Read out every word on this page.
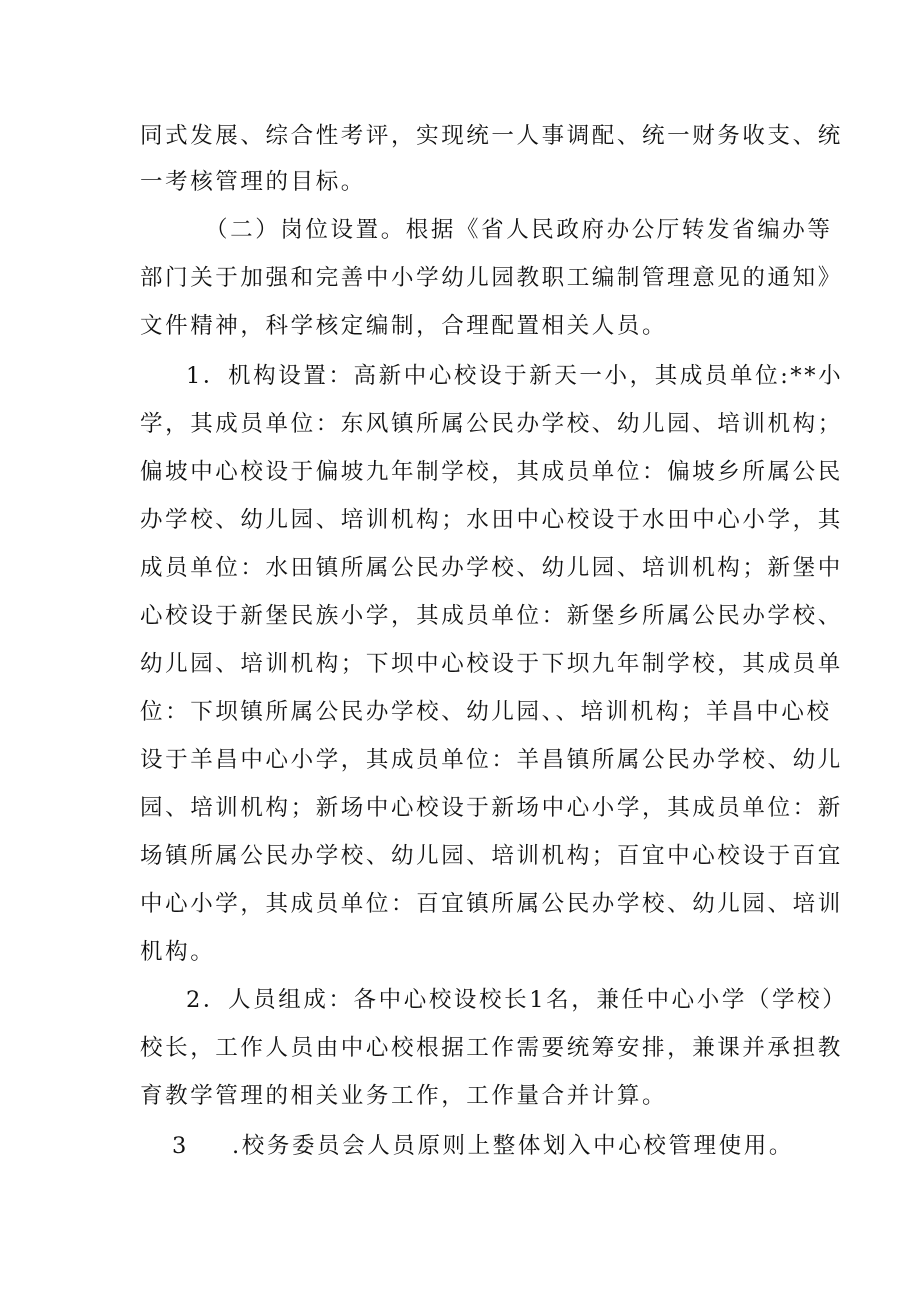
同式发展、综合性考评，实现统一人事调配、统一财务收支、统
一考核管理的目标。
（二）岗位设置。根据《省人民政府办公厅转发省编办等
部门关于加强和完善中小学幼儿园教职工编制管理意见的通知》
文件精神，科学核定编制，合理配置相关人员。
1．机构设置：高新中心校设于新天一小，其成员单位:**小
学，其成员单位：东风镇所属公民办学校、幼儿园、培训机构；
偏坡中心校设于偏坡九年制学校，其成员单位：偏坡乡所属公民
办学校、幼儿园、培训机构；水田中心校设于水田中心小学，其
成员单位：水田镇所属公民办学校、幼儿园、培训机构；新堡中
心校设于新堡民族小学，其成员单位：新堡乡所属公民办学校、
幼儿园、培训机构；下坝中心校设于下坝九年制学校，其成员单
位：下坝镇所属公民办学校、幼儿园、、培训机构；羊昌中心校
设于羊昌中心小学，其成员单位：羊昌镇所属公民办学校、幼儿
园、培训机构；新场中心校设于新场中心小学，其成员单位：新
场镇所属公民办学校、幼儿园、培训机构；百宜中心校设于百宜
中心小学，其成员单位：百宜镇所属公民办学校、幼儿园、培训
机构。
2．人员组成：各中心校设校长1名，兼任中心小学（学校）
校长，工作人员由中心校根据工作需要统筹安排，兼课并承担教
育教学管理的相关业务工作，工作量合并计算。
3 .校务委员会人员原则上整体划入中心校管理使用。
